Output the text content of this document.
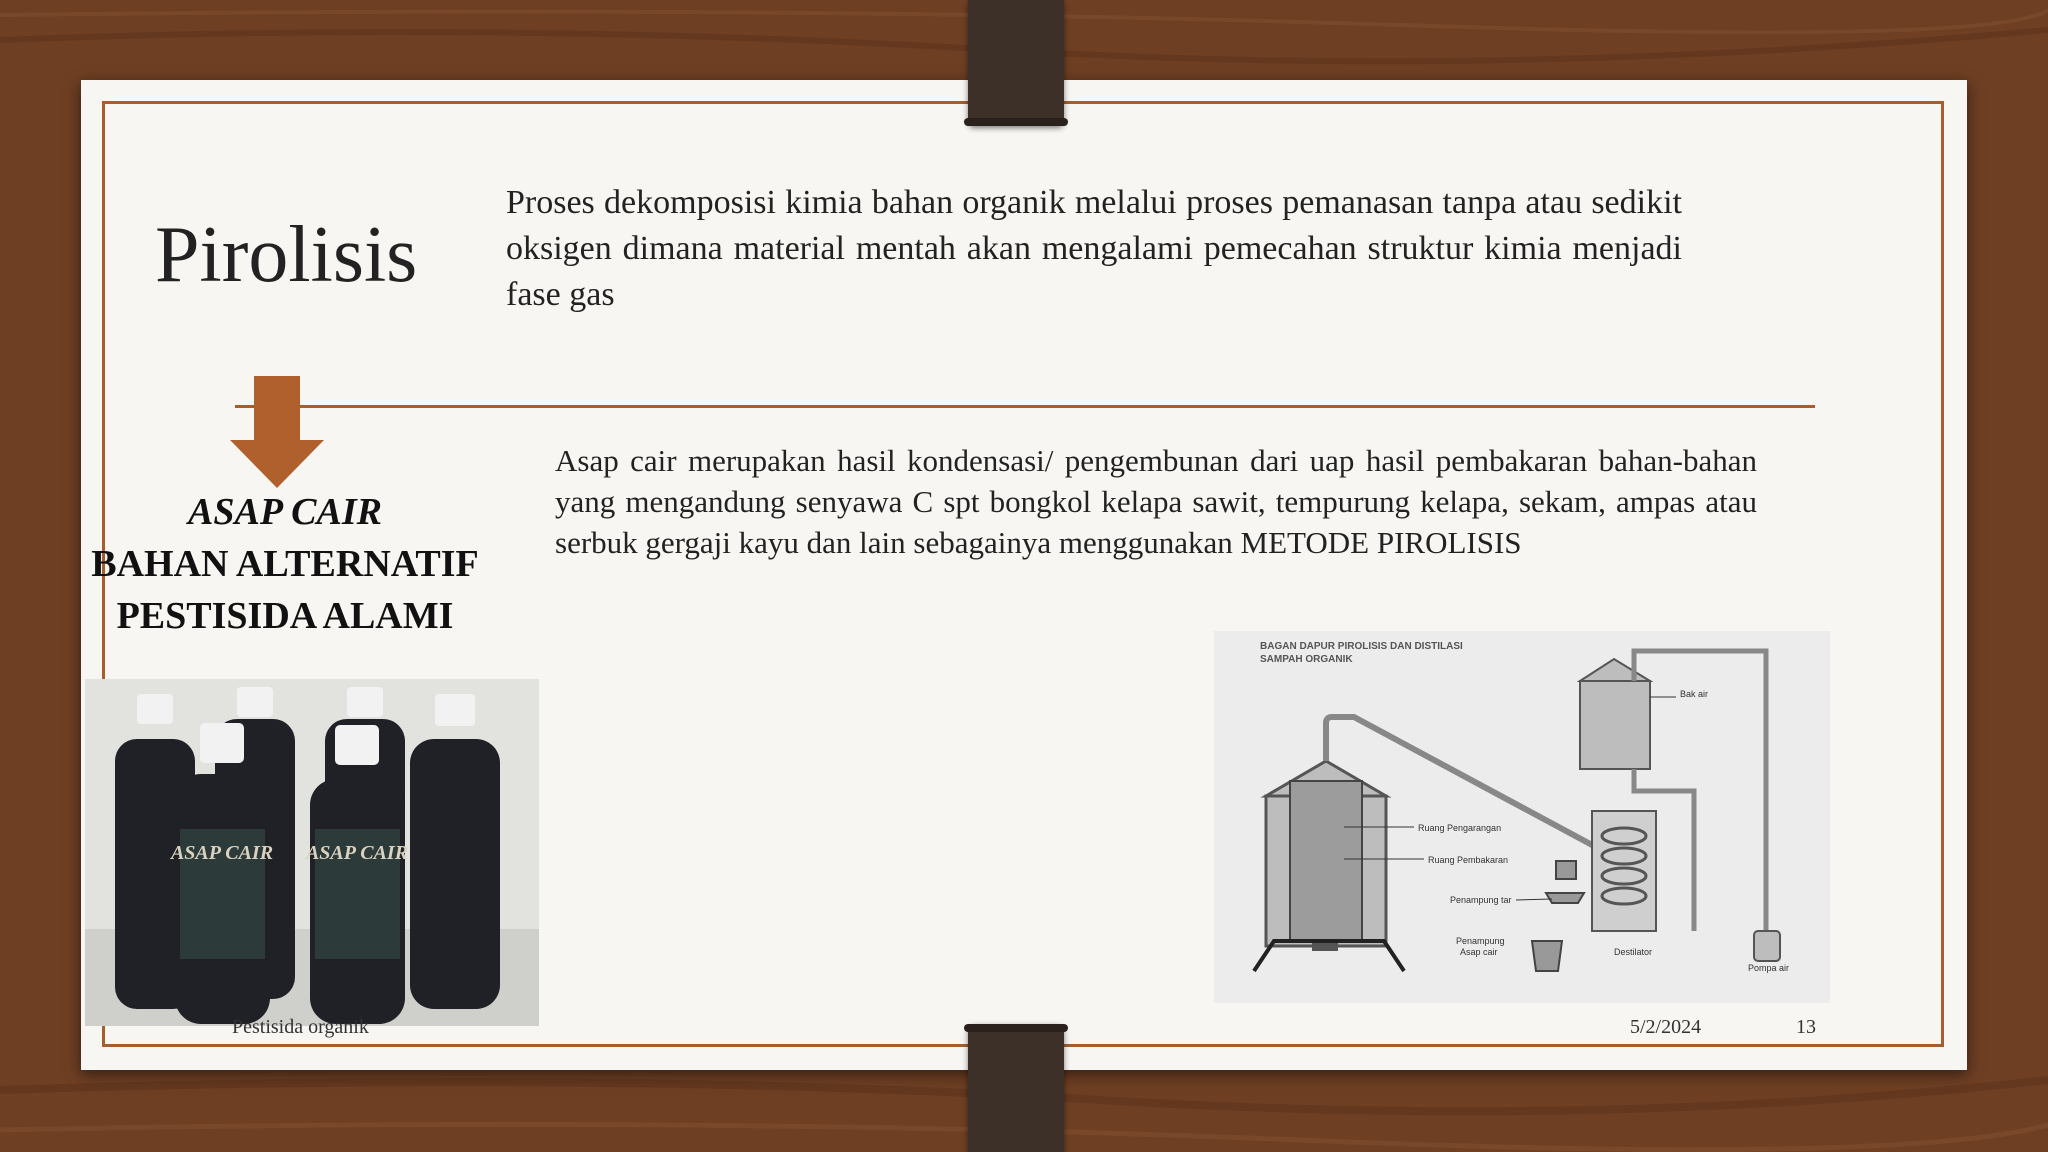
Pirolisis
Proses dekomposisi kimia bahan organik melalui proses pemanasan tanpa atau sedikit oksigen dimana material mentah akan mengalami pemecahan struktur kimia menjadi fase gas
ASAP CAIR
BAHAN ALTERNATIF
PESTISIDA ALAMI
Asap cair merupakan hasil kondensasi/ pengembunan dari uap hasil pembakaran bahan-bahan yang mengandung senyawa C spt bongkol kelapa sawit, tempurung kelapa, sekam, ampas atau serbuk gergaji kayu dan lain sebagainya menggunakan METODE PIROLISIS
ASAP CAIR ASAP CAIR
BAGAN DAPUR PIROLISIS DAN DISTILASI
SAMPAH ORGANIK
Bak air
Ruang Pengarangan
Ruang Pembakaran
Penampung tar
Penampung
Asap cair	Destilator
Pompa air
Pestisida organik	5/2/2024	13
